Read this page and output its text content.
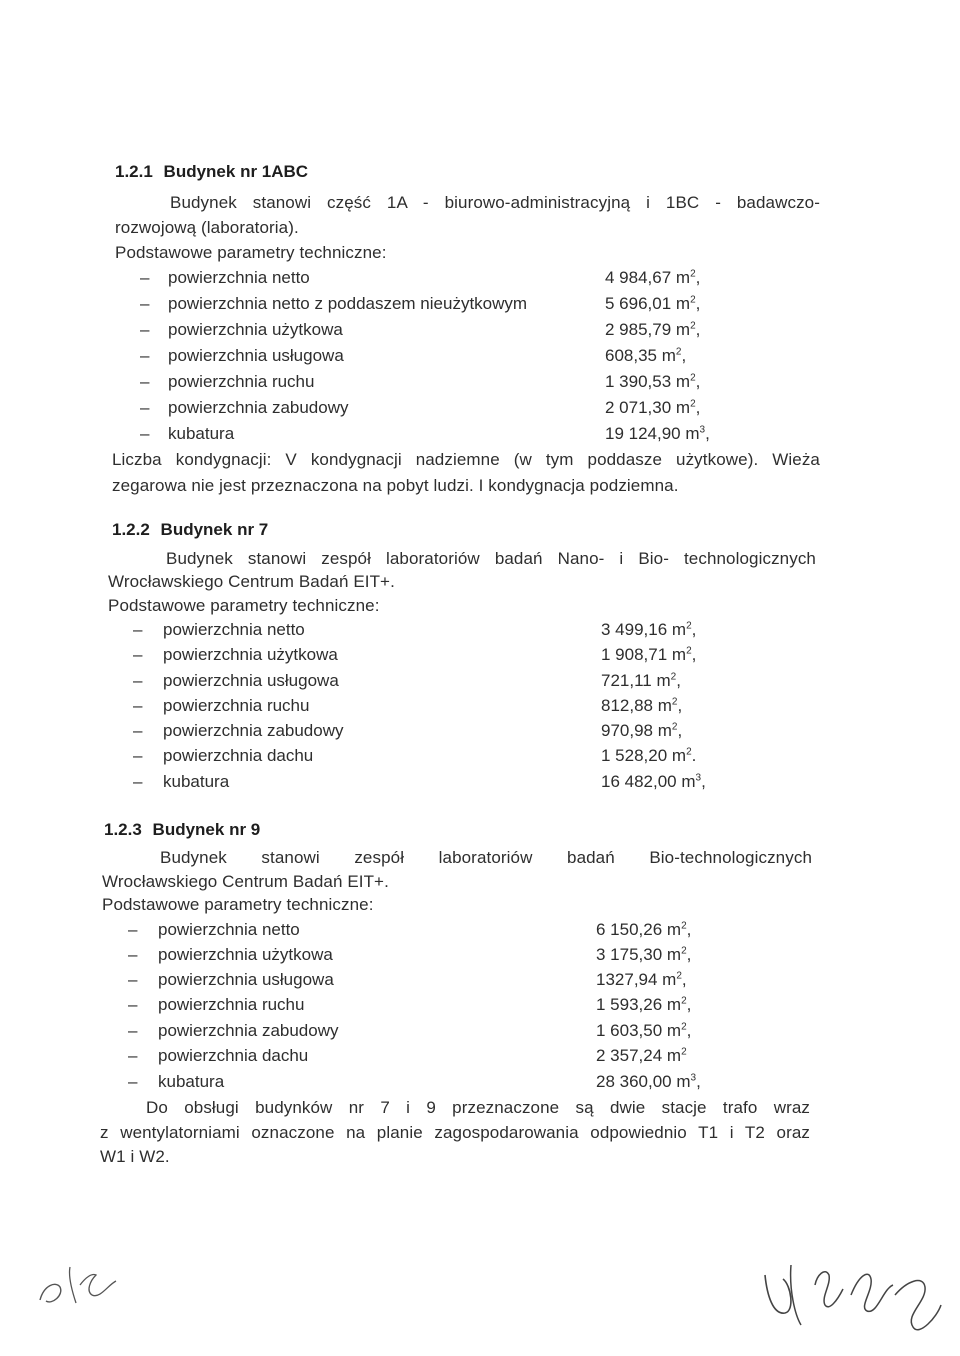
1.2.1 Budynek nr 1ABC
Budynek stanowi część 1A - biurowo-administracyjną i 1BC - badawczo-
rozwojową (laboratoria).
Podstawowe parametry techniczne:
– powierzchnia netto	4 984,67 $m^2$,
– powierzchnia netto z poddaszem nieużytkowym	5 696,01 $m^2$,
– powierzchnia użytkowa	2 985,79 $m^2$,
– powierzchnia usługowa	608,35 $m^2$,
– powierzchnia ruchu	1 390,53 $m^2$,
– powierzchnia zabudowy	2 071,30 $m^2$,
– kubatura	19 124,90 $m^3$,
Liczba kondygnacji: V kondygnacji nadziemne (w tym poddasze użytkowe). Wieża
zegarowa nie jest przeznaczona na pobyt ludzi. I kondygnacja podziemna.
1.2.2 Budynek nr 7
Budynek stanowi zespół laboratoriów badań Nano- i Bio- technologicznych
Wrocławskiego Centrum Badań EIT+.
Podstawowe parametry techniczne:
– powierzchnia netto	3 499,16 $m^2$,
– powierzchnia użytkowa	1 908,71 $m^2$,
– powierzchnia usługowa	721,11 $m^2$,
– powierzchnia ruchu	812,88 $m^2$,
– powierzchnia zabudowy	970,98 $m^2$,
– powierzchnia dachu	1 528,20 $m^2$.
– kubatura	16 482,00 $m^3$,
1.2.3 Budynek nr 9
Budynek stanowi zespół laboratoriów badań Bio-technologicznych
Wrocławskiego Centrum Badań EIT+.
Podstawowe parametry techniczne:
– powierzchnia netto	6 150,26 $m^2$,
– powierzchnia użytkowa	3 175,30 $m^2$,
– powierzchnia usługowa	1327,94 $m^2$,
– powierzchnia ruchu	1 593,26 $m^2$,
– powierzchnia zabudowy	1 603,50 $m^2$,
– powierzchnia dachu	2 357,24 $m^2$
– kubatura	28 360,00 $m^3$,
Do obsługi budynków nr 7 i 9 przeznaczone są dwie stacje trafo wraz
z wentylatorniami oznaczone na planie zagospodarowania odpowiednio T1 i T2 oraz
W1 i W2.
